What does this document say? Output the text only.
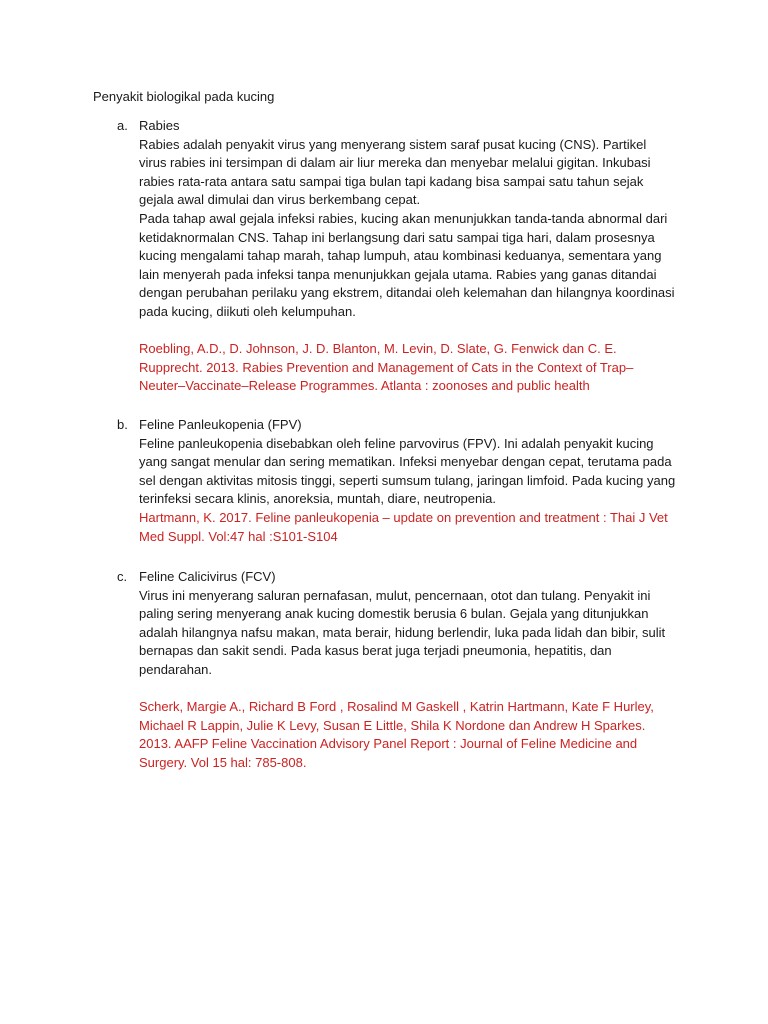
Penyakit biologikal pada kucing
a. Rabies
Rabies adalah penyakit virus yang menyerang sistem saraf pusat kucing (CNS). Partikel virus rabies ini tersimpan di dalam air liur mereka dan menyebar melalui gigitan. Inkubasi rabies rata-rata antara satu sampai tiga bulan tapi kadang bisa sampai satu tahun sejak gejala awal dimulai dan virus berkembang cepat.
Pada tahap awal gejala infeksi rabies, kucing akan menunjukkan tanda-tanda abnormal dari ketidaknormalan CNS. Tahap ini berlangsung dari satu sampai tiga hari, dalam prosesnya kucing mengalami tahap marah, tahap lumpuh, atau kombinasi keduanya, sementara yang lain menyerah pada infeksi tanpa menunjukkan gejala utama. Rabies yang ganas ditandai dengan perubahan perilaku yang ekstrem, ditandai oleh kelemahan dan hilangnya koordinasi pada kucing, diikuti oleh kelumpuhan.
Roebling, A.D., D. Johnson, J. D. Blanton, M. Levin, D. Slate, G. Fenwick dan C. E. Rupprecht. 2013. Rabies Prevention and Management of Cats in the Context of Trap–Neuter–Vaccinate–Release Programmes. Atlanta : zoonoses and public health
b. Feline Panleukopenia (FPV)
Feline panleukopenia disebabkan oleh feline parvovirus (FPV). Ini adalah penyakit kucing yang sangat menular dan sering mematikan. Infeksi menyebar dengan cepat, terutama pada sel dengan aktivitas mitosis tinggi, seperti sumsum tulang, jaringan limfoid. Pada kucing yang terinfeksi secara klinis, anoreksia, muntah, diare, neutropenia.
Hartmann, K. 2017. Feline panleukopenia – update on prevention and treatment : Thai J Vet Med Suppl. Vol:47 hal :S101-S104
c. Feline Calicivirus (FCV)
Virus ini menyerang saluran pernafasan, mulut, pencernaan, otot dan tulang. Penyakit ini paling sering menyerang anak kucing domestik berusia 6 bulan. Gejala yang ditunjukkan adalah hilangnya nafsu makan, mata berair, hidung berlendir, luka pada lidah dan bibir, sulit bernapas dan sakit sendi. Pada kasus berat juga terjadi pneumonia, hepatitis, dan pendarahan.
Scherk, Margie A., Richard B Ford , Rosalind M Gaskell , Katrin Hartmann, Kate F Hurley, Michael R Lappin, Julie K Levy, Susan E Little, Shila K Nordone dan Andrew H Sparkes. 2013. AAFP Feline Vaccination Advisory Panel Report : Journal of Feline Medicine and Surgery. Vol 15 hal: 785-808.
